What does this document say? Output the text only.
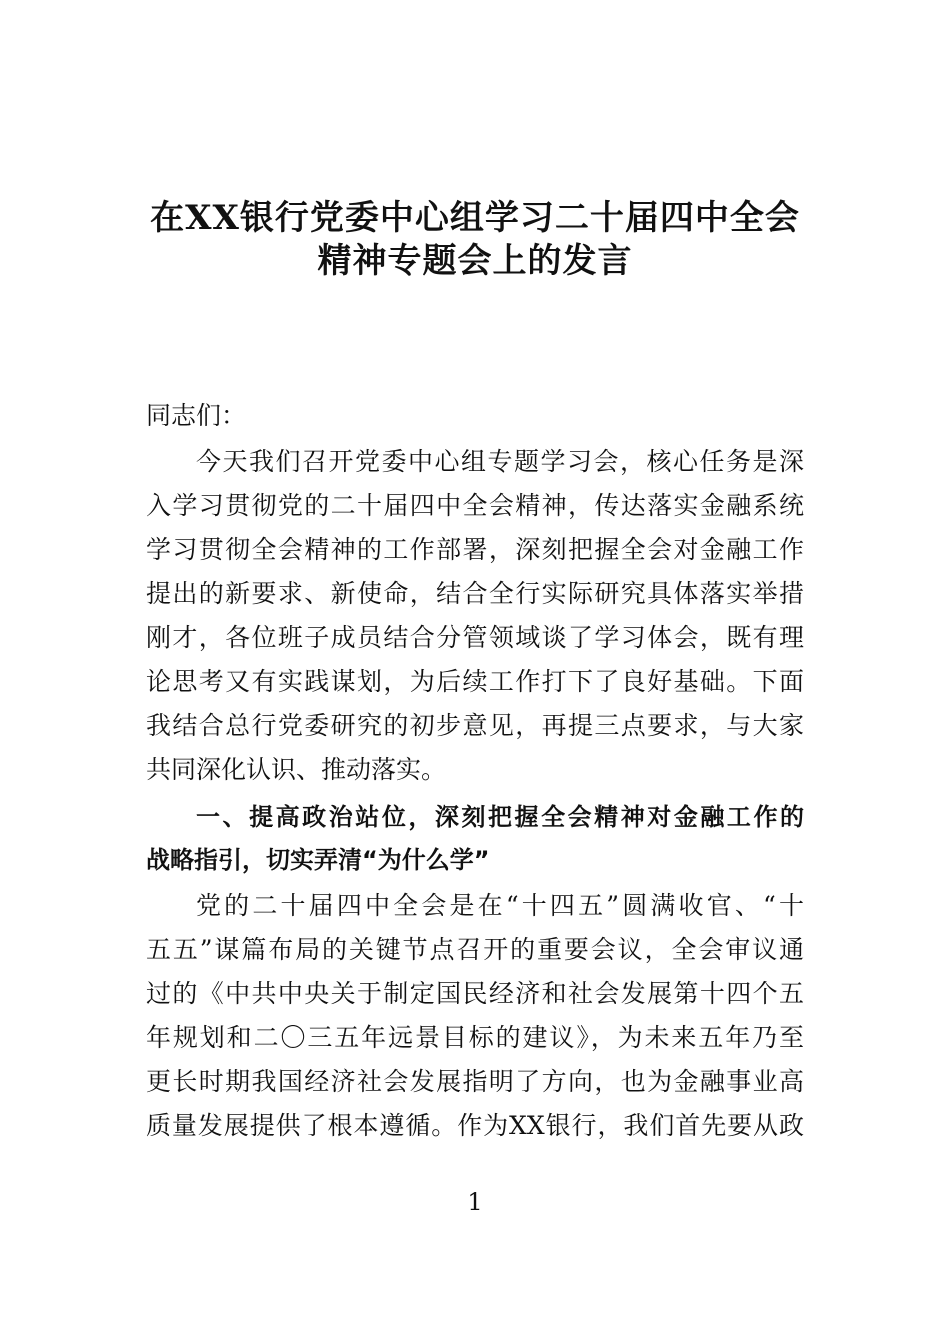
在XX银行党委中心组学习二十届四中全会
精神专题会上的发言
同志们：
今天我们召开党委中心组专题学习会，核心任务是深
入学习贯彻党的二十届四中全会精神，传达落实金融系统
学习贯彻全会精神的工作部署，深刻把握全会对金融工作
提出的新要求、新使命，结合全行实际研究具体落实举措
刚才，各位班子成员结合分管领域谈了学习体会，既有理
论思考又有实践谋划，为后续工作打下了良好基础。下面
我结合总行党委研究的初步意见，再提三点要求，与大家
共同深化认识、推动落实。
一、提高政治站位，深刻把握全会精神对金融工作的
战略指引，切实弄清“为什么学”
党的二十届四中全会是在“十四五”圆满收官、“十
五五”谋篇布局的关键节点召开的重要会议，全会审议通
过的《中共中央关于制定国民经济和社会发展第十四个五
年规划和二〇三五年远景目标的建议》，为未来五年乃至
更长时期我国经济社会发展指明了方向，也为金融事业高
质量发展提供了根本遵循。作为XX银行，我们首先要从政
1
